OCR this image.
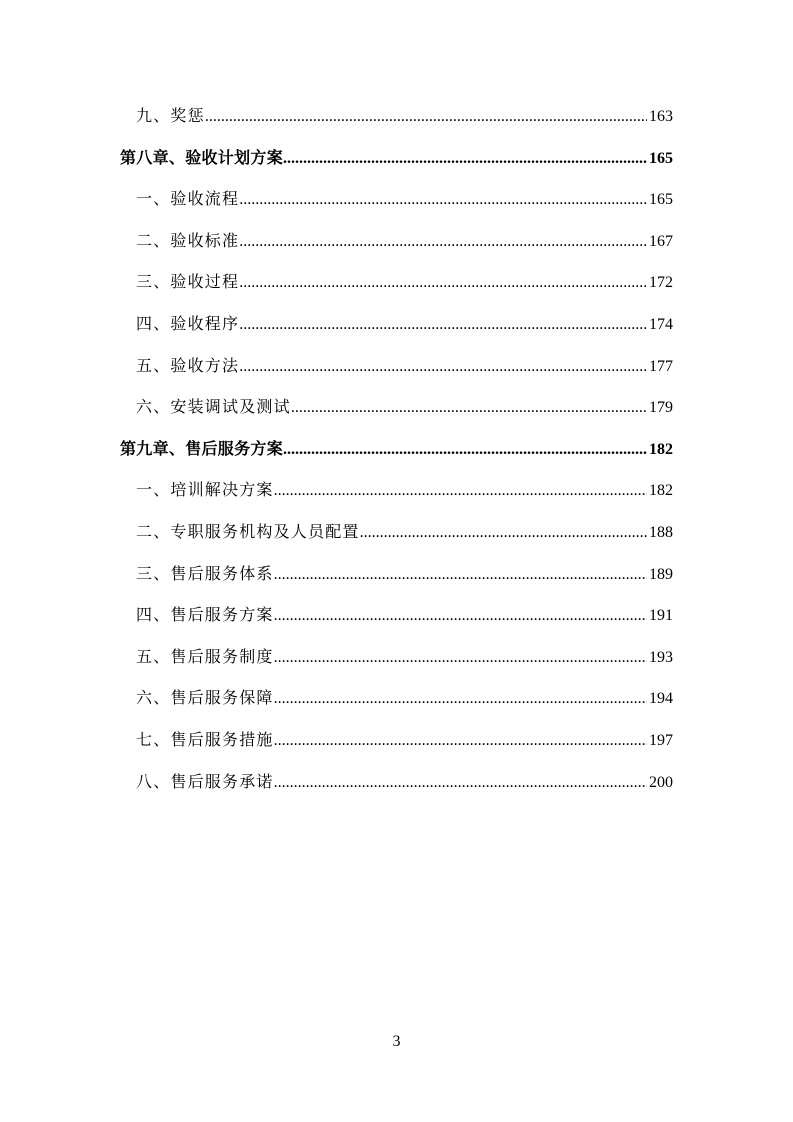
九、奖惩 .....	163
第八章、验收计划方案 .....	165
一、验收流程 .....	165
二、验收标准 .....	167
三、验收过程 .....	172
四、验收程序 .....	174
五、验收方法 .....	177
六、安装调试及测试 .....	179
第九章、售后服务方案 .....	182
一、培训解决方案 .....	182
二、专职服务机构及人员配置 .....	188
三、售后服务体系 .....	189
四、售后服务方案 .....	191
五、售后服务制度 .....	193
六、售后服务保障 .....	194
七、售后服务措施 .....	197
八、售后服务承诺 .....	200
3
